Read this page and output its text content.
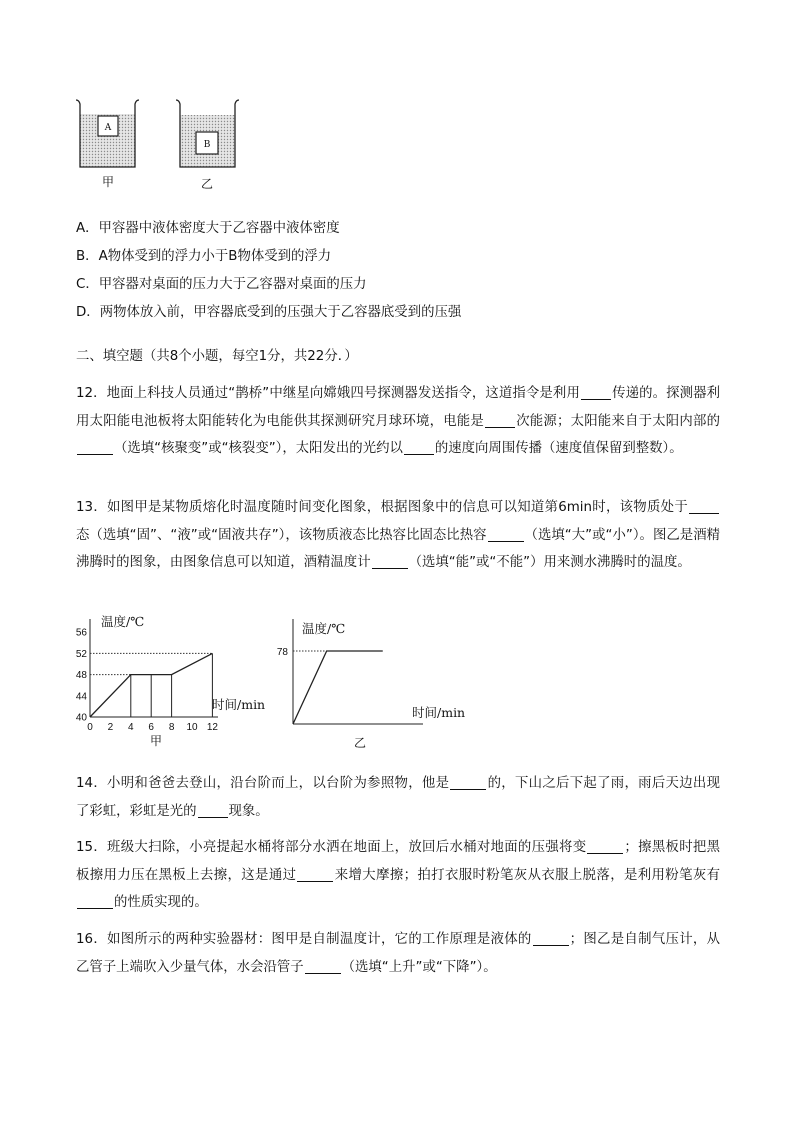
A
B
甲	乙
A．甲容器中液体密度大于乙容器中液体密度
B．A物体受到的浮力小于B物体受到的浮力
C．甲容器对桌面的压力大于乙容器对桌面的压力
D．两物体放入前，甲容器底受到的压强大于乙容器底受到的压强
二、填空题（共8个小题，每空1分，共22分．）

12．地面上科技人员通过“鹊桥”中继星向嫦娥四号探测器发送指令，这道指令是利用 传递的。探测器利用太阳能电池板将太阳能转化为电能供其探测研究月球环境，电能是 次能源；太阳能来自于太阳内部的（选填“核聚变”或“核裂变”），太阳发出的光约以 的速度向周围传播（速度值保留到整数）。

13．如图甲是某物质熔化时温度随时间变化图象，根据图象中的信息可以知道第6min时，该物质处于态（选填“固”、“液”或“固液共存”），该物质液态比热容比固态比热容	（选填“大”或“小”）。图乙是酒精沸腾时的图象，由图象信息可以知道，酒精温度计	（选填“能”或“不能”）用来测水沸腾时的温度。

0 2 4 6 8 10 12
40
44
48
52
56
温度/℃
时间/min
甲
78
温度/℃
时间/min
乙

14．小明和爸爸去登山，沿台阶而上，以台阶为参照物，他是	的，下山之后下起了雨，雨后天边出现了彩虹，彩虹是光的 现象。

15．班级大扫除，小亮提起水桶将部分水洒在地面上，放回后水桶对地面的压强将变	；擦黑板时把黑板擦用力压在黑板上去擦，这是通过	来增大摩擦；拍打衣服时粉笔灰从衣服上脱落，是利用粉笔灰有的性质实现的。

16．如图所示的两种实验器材：图甲是自制温度计，它的工作原理是液体的	；图乙是自制气压计，从乙管子上端吹入少量气体，水会沿管子	（选填“上升”或“下降”）。
